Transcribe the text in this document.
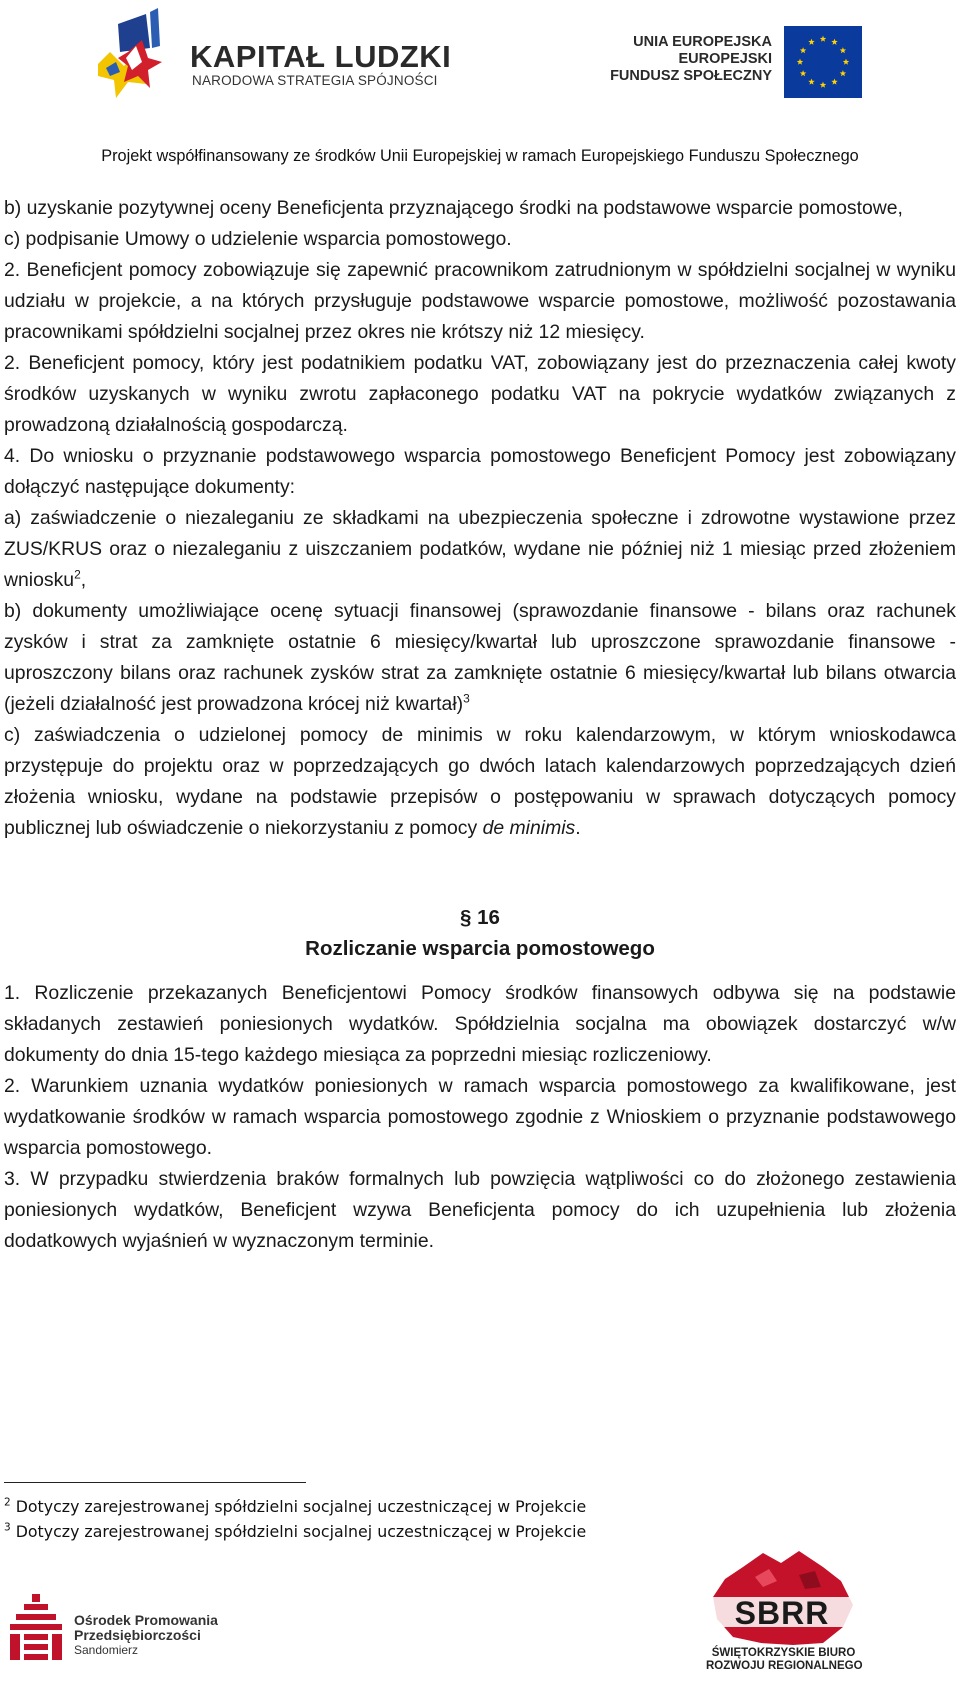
KAPITAŁ LUDZKI
NARODOWA STRATEGIA SPÓJNOŚCI
UNIA EUROPEJSKA
EUROPEJSKI
FUNDUSZ SPOŁECZNY
Projekt współfinansowany ze środków Unii Europejskiej w ramach Europejskiego Funduszu Społecznego

b) uzyskanie pozytywnej oceny Beneficjenta przyznającego środki na podstawowe wsparcie pomostowe,

c) podpisanie Umowy o udzielenie wsparcia pomostowego.

2. Beneficjent pomocy zobowiązuje się zapewnić pracownikom zatrudnionym w spółdzielni socjalnej w wyniku udziału w projekcie, a na których przysługuje podstawowe wsparcie pomostowe, możliwość pozostawania pracownikami spółdzielni socjalnej przez okres nie krótszy niż 12 miesięcy.

2. Beneficjent pomocy, który jest podatnikiem podatku VAT, zobowiązany jest do przeznaczenia całej kwoty środków uzyskanych w wyniku zwrotu zapłaconego podatku VAT na pokrycie wydatków związanych z prowadzoną działalnością gospodarczą.

4. Do wniosku o przyznanie podstawowego wsparcia pomostowego Beneficjent Pomocy jest zobowiązany dołączyć następujące dokumenty:

a) zaświadczenie o niezaleganiu ze składkami na ubezpieczenia społeczne i zdrowotne wystawione przez ZUS/KRUS oraz o niezaleganiu z uiszczaniem podatków, wydane nie później niż 1 miesiąc przed złożeniem wniosku$^2$,

b) dokumenty umożliwiające ocenę sytuacji finansowej (sprawozdanie finansowe - bilans oraz rachunek zysków i strat za zamknięte ostatnie 6 miesięcy/kwartał lub uproszczone sprawozdanie finansowe - uproszczony bilans oraz rachunek zysków strat za zamknięte ostatnie 6 miesięcy/kwartał lub bilans otwarcia (jeżeli działalność jest prowadzona krócej niż kwartał)$^3$

c) zaświadczenia o udzielonej pomocy de minimis w roku kalendarzowym, w którym wnioskodawca przystępuje do projektu oraz w poprzedzających go dwóch latach kalendarzowych poprzedzających dzień złożenia wniosku, wydane na podstawie przepisów o postępowaniu w sprawach dotyczących pomocy publicznej lub oświadczenie o niekorzystaniu z pomocy de minimis.

§ 16

Rozliczanie wsparcia pomostowego

1. Rozliczenie przekazanych Beneficjentowi Pomocy środków finansowych odbywa się na podstawie składanych zestawień poniesionych wydatków. Spółdzielnia socjalna ma obowiązek dostarczyć w/w dokumenty do dnia 15-tego każdego miesiąca za poprzedni miesiąc rozliczeniowy.

2. Warunkiem uznania wydatków poniesionych w ramach wsparcia pomostowego za kwalifikowane, jest wydatkowanie środków w ramach wsparcia pomostowego zgodnie z Wnioskiem o przyznanie podstawowego wsparcia pomostowego.

3. W przypadku stwierdzenia braków formalnych lub powzięcia wątpliwości co do złożonego zestawienia poniesionych wydatków, Beneficjent wzywa Beneficjenta pomocy do ich uzupełnienia lub złożenia dodatkowych wyjaśnień w wyznaczonym terminie.

$^2$ Dotyczy zarejestrowanej spółdzielni socjalnej uczestniczącej w Projekcie
$^3$ Dotyczy zarejestrowanej spółdzielni socjalnej uczestniczącej w Projekcie
Ośrodek Promowania
Przedsiębiorczości
Sandomierz
SBRR
ŚWIĘTOKRZYSKIE BIURO
ROZWOJU REGIONALNEGO
